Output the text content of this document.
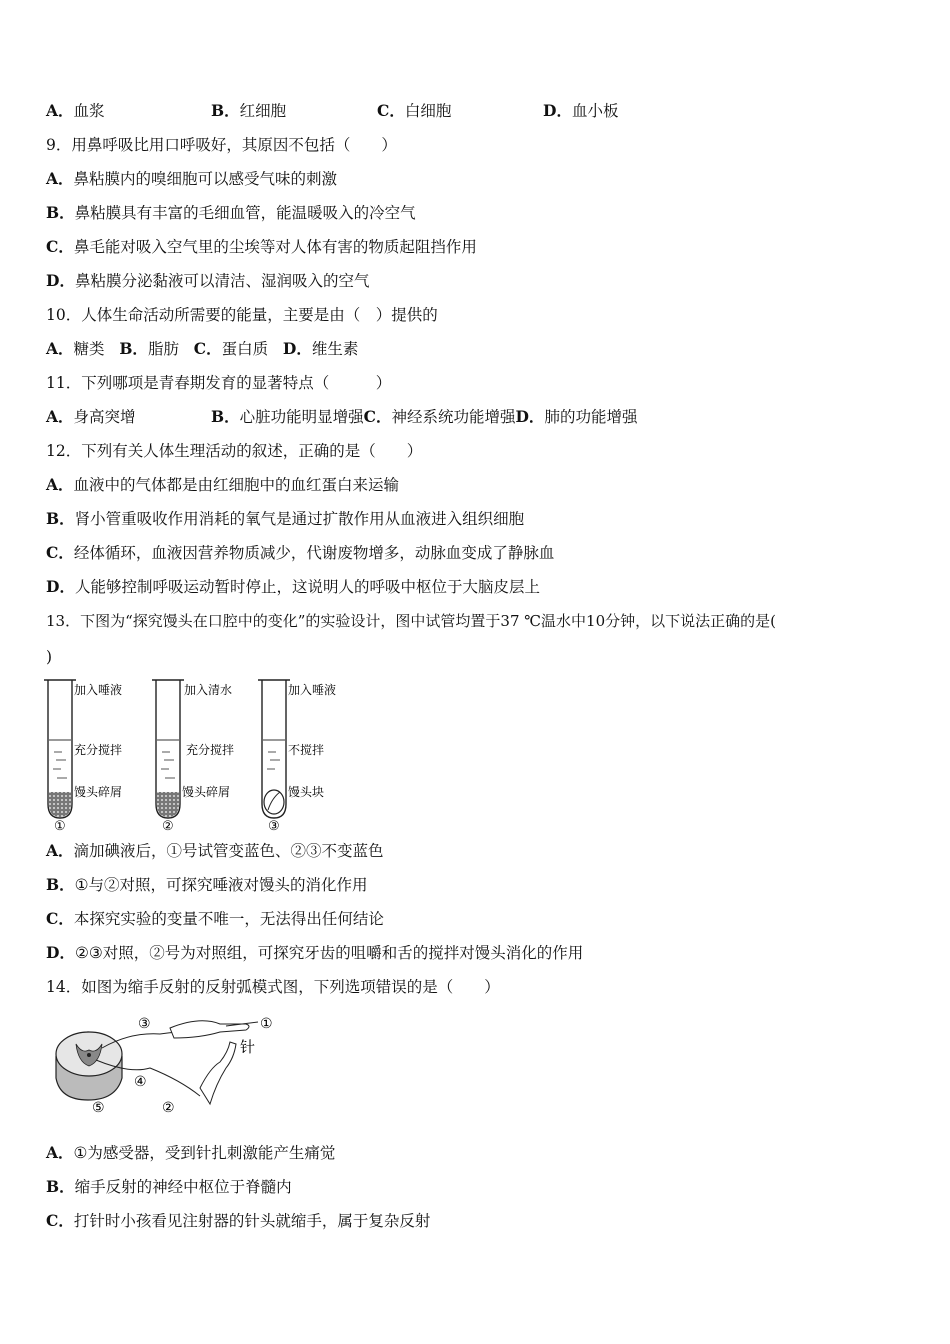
A．血浆	B．红细胞	C．白细胞	D．血小板
9．用鼻呼吸比用口呼吸好，其原因不包括（　　）
A．鼻粘膜内的嗅细胞可以感受气味的刺激
B．鼻粘膜具有丰富的毛细血管，能温暖吸入的冷空气
C．鼻毛能对吸入空气里的尘埃等对人体有害的物质起阻挡作用
D．鼻粘膜分泌黏液可以清洁、湿润吸入的空气
10．人体生命活动所需要的能量，主要是由（　）提供的
A．糖类 B．脂肪 C．蛋白质 D．维生素
11．下列哪项是青春期发育的显著特点（　　　）
A．身高突增	B．心脏功能明显增强C．神经系统功能增强D．肺的功能增强
12．下列有关人体生理活动的叙述，正确的是（　　）
A．血液中的气体都是由红细胞中的血红蛋白来运输
B．肾小管重吸收作用消耗的氧气是通过扩散作用从血液进入组织细胞
C．经体循环，血液因营养物质减少，代谢废物增多，动脉血变成了静脉血
D．人能够控制呼吸运动暂时停止，这说明人的呼吸中枢位于大脑皮层上
13．下图为“探究馒头在口腔中的变化”的实验设计，图中试管均置于37 ℃温水中10分钟，以下说法正确的是(
)
加入唾液
充分搅拌
馒头碎屑
①
加入清水
充分搅拌
馒头碎屑
②
加入唾液
不搅拌
馒头块
③
A．滴加碘液后，①号试管变蓝色、②③不变蓝色
B．①与②对照，可探究唾液对馒头的消化作用
C．本探究实验的变量不唯一，无法得出任何结论
D．②③对照，②号为对照组，可探究牙齿的咀嚼和舌的搅拌对馒头消化的作用
14．如图为缩手反射的反射弧模式图，下列选项错误的是（　　）
③	①
针
④
⑤	②
A．①为感受器，受到针扎刺激能产生痛觉
B．缩手反射的神经中枢位于脊髓内
C．打针时小孩看见注射器的针头就缩手，属于复杂反射
